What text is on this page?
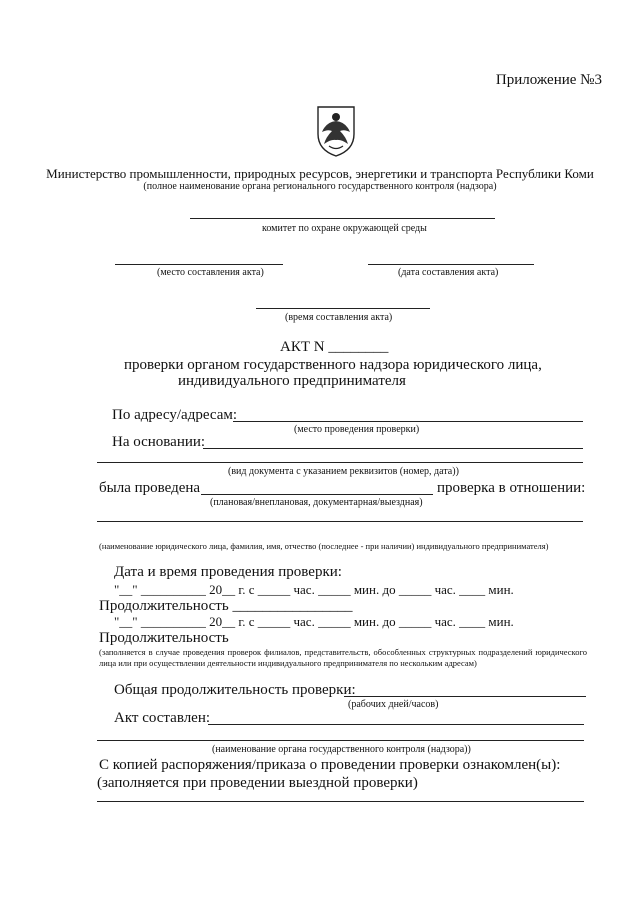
Приложение №3
Министерство промышленности, природных ресурсов, энергетики и транспорта Республики Коми
(полное наименование органа регионального государственного контроля (надзора)
комитет по охране окружающей среды
(место составления акта)	(дата составления акта)
(время составления акта)
АКТ N ________
проверки органом государственного надзора юридического лица,
индивидуального предпринимателя
По адресу/адресам:
(место проведения проверки)
На основании:
(вид документа с указанием реквизитов (номер, дата))
была проведена	проверка в отношении:
(плановая/внеплановая, документарная/выездная)
(наименование юридического лица, фамилия, имя, отчество (последнее - при наличии) индивидуального предпринимателя)
Дата и время проведения проверки:
"__" __________ 20__ г. с _____ час. _____ мин. до _____ час. ____ мин.
Продолжительность ________________
"__" __________ 20__ г. с _____ час. _____ мин. до _____ час. ____ мин.
Продолжительность
(заполняется в случае проведения проверок филиалов, представительств, обособленных структурных подразделений юридического лица или при осуществлении деятельности индивидуального предпринимателя по нескольким адресам)
Общая продолжительность проверки:
(рабочих дней/часов)
Акт составлен:
(наименование органа государственного контроля (надзора))
С копией распоряжения/приказа о проведении проверки ознакомлен(ы):
(заполняется при проведении выездной проверки)
